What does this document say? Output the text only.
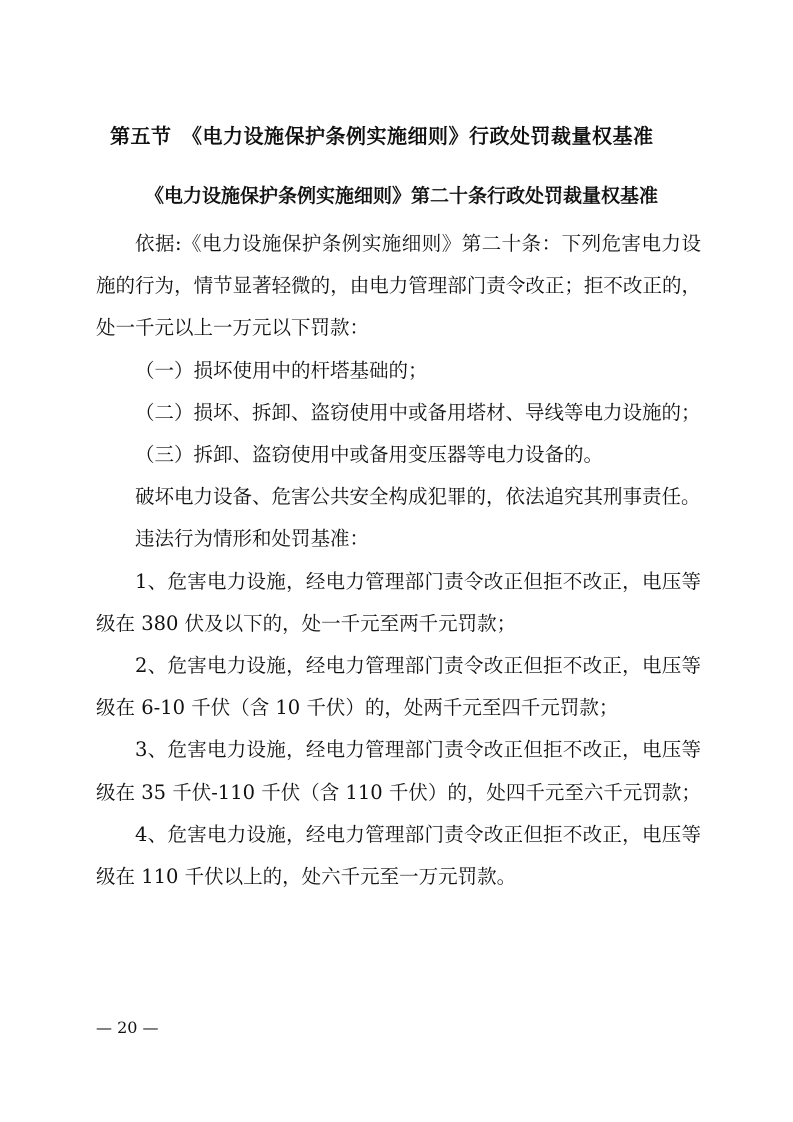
第五节　《电力设施保护条例实施细则》行政处罚裁量权基准
《电力设施保护条例实施细则》第二十条行政处罚裁量权基准

依据:《电力设施保护条例实施细则》第二十条：下列危害电力设施的行为，情节显著轻微的，由电力管理部门责令改正；拒不改正的，处一千元以上一万元以下罚款：

（一）损坏使用中的杆塔基础的；

（二）损坏、拆卸、盗窃使用中或备用塔材、导线等电力设施的；

（三）拆卸、盗窃使用中或备用变压器等电力设备的。

破坏电力设备、危害公共安全构成犯罪的，依法追究其刑事责任。

违法行为情形和处罚基准：

1、危害电力设施，经电力管理部门责令改正但拒不改正，电压等级在 380 伏及以下的，处一千元至两千元罚款；

2、危害电力设施，经电力管理部门责令改正但拒不改正，电压等级在 6-10 千伏（含 10 千伏）的，处两千元至四千元罚款；

3、危害电力设施，经电力管理部门责令改正但拒不改正，电压等级在 35 千伏-110 千伏（含 110 千伏）的，处四千元至六千元罚款；

4、危害电力设施，经电力管理部门责令改正但拒不改正，电压等级在 110 千伏以上的，处六千元至一万元罚款。

— 20 —
